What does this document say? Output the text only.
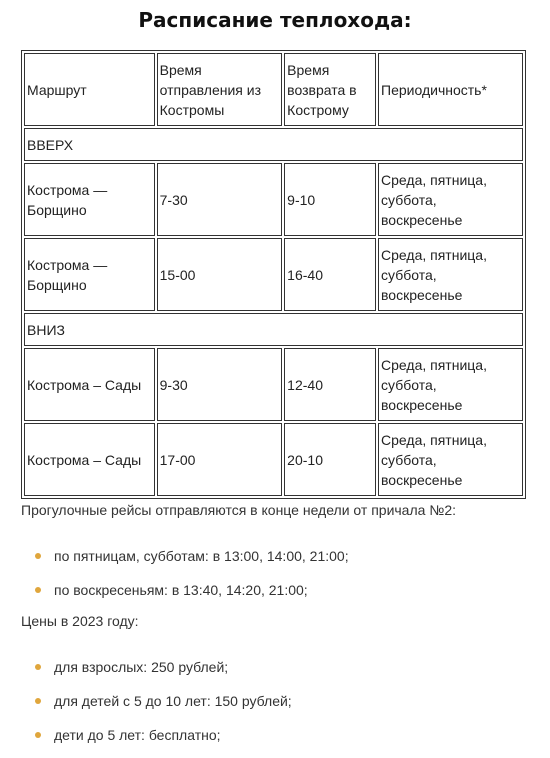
Расписание теплохода:
Маршрут	Время отправления из Костромы	Время возврата в Кострому	Периодичность*
ВВЕРХ			
Кострома — Борщино	7-30	9-10	Среда, пятница, суббота, воскресенье
Кострома — Борщино	15-00	16-40	Среда, пятница, суббота, воскресенье
ВНИЗ			
Кострома – Сады	9-30	12-40	Среда, пятница, суббота, воскресенье
Кострома – Сады	17-00	20-10	Среда, пятница, суббота, воскресенье

Прогулочные рейсы отправляются в конце недели от причала №2:

по пятницам, субботам: в 13:00, 14:00, 21:00;
по воскресеньям: в 13:40, 14:20, 21:00;

Цены в 2023 году:

для взрослых: 250 рублей;
для детей с 5 до 10 лет: 150 рублей;
дети до 5 лет: бесплатно;
